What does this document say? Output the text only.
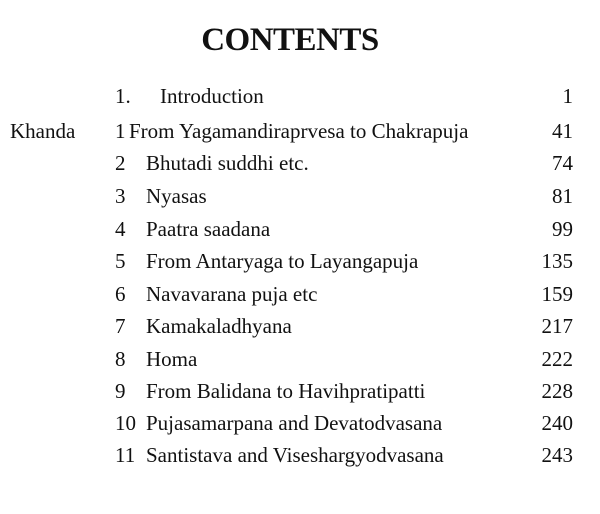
CONTENTS
1. Introduction	1
Khanda 1 From Yagamandiraprvesa to Chakrapuja	41
2 Bhutadi suddhi etc.	74
3 Nyasas	81
4 Paatra saadana	99
5 From Antaryaga to Layangapuja	135
6 Navavarana puja etc	159
7 Kamakaladhyana	217
8 Homa	222
9 From Balidana to Havihpratipatti	228
10 Pujasamarpana and Devatodvasana	240
11 Santistava and Viseshargyodvasana	243
